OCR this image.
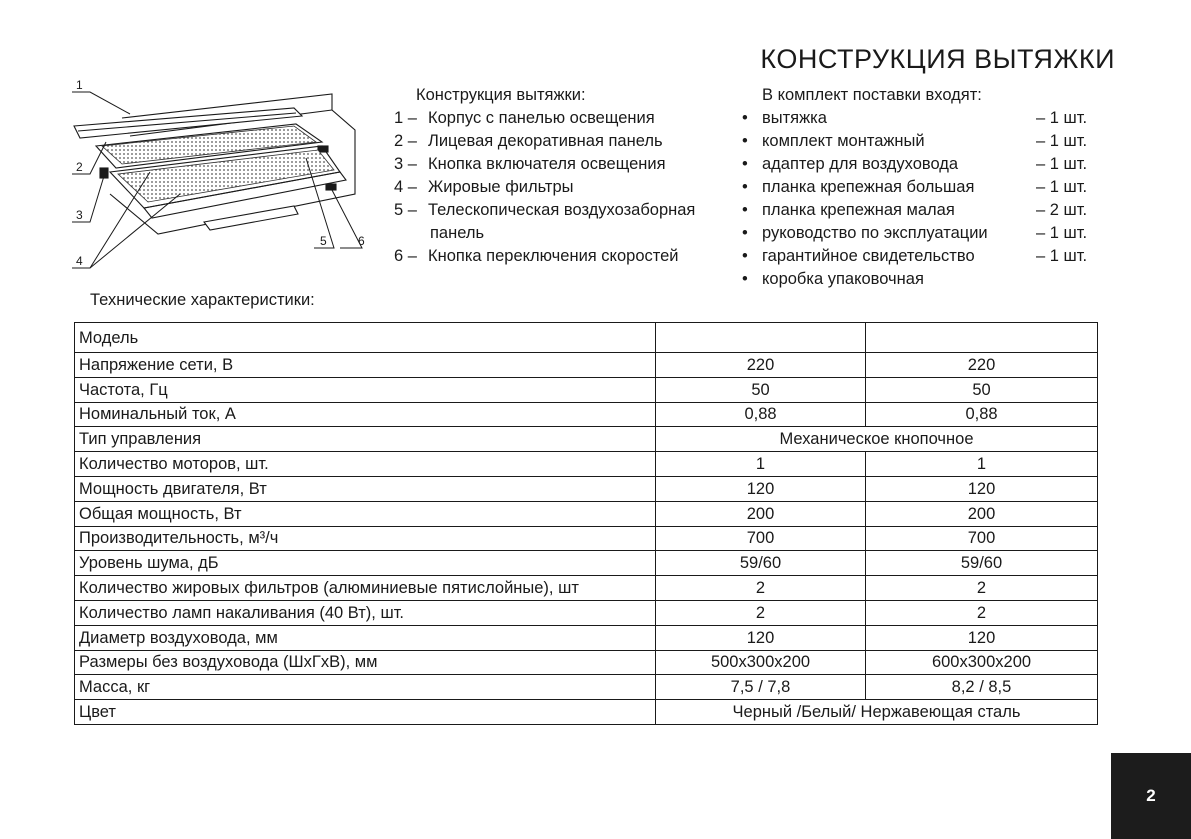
КОНСТРУКЦИЯ ВЫТЯЖКИ
1
2
3
4
5	6
Конструкция вытяжки:
1 – Корпус с панелью освещения
2 – Лицевая декоративная панель
3 – Кнопка включателя освещения
4 – Жировые фильтры
5 – Телескопическая воздухозаборная
панель
6 – Кнопка переключения скоростей
В комплект поставки входят:
• вытяжка	– 1 шт.
• комплект монтажный	– 1 шт.
• адаптер для воздуховода	– 1 шт.
• планка крепежная большая	– 1 шт.
• планка крепежная малая	– 2 шт.
• руководство по эксплуатации	– 1 шт.
• гарантийное свидетельство	– 1 шт.
• коробка упаковочная
Технические характеристики:
Модель		
Напряжение сети, В	220	220
Частота, Гц	50	50
Номинальный ток, А	0,88	0,88
Тип управления	Механическое кнопочное	
Количество моторов, шт.	1	1
Мощность двигателя, Вт	120	120
Общая мощность, Вт	200	200
Производительность, м³/ч	700	700
Уровень шума, дБ	59/60	59/60
Количество жировых фильтров (алюминиевые пятислойные), шт	2	2
Количество ламп накаливания (40 Вт), шт.	2	2
Диаметр воздуховода, мм	120	120
Размеры без воздуховода (ШхГхВ), мм	500x300x200	600x300x200
Масса, кг	7,5 / 7,8	8,2 / 8,5
Цвет	Черный /Белый/ Нержавеющая сталь	
2
